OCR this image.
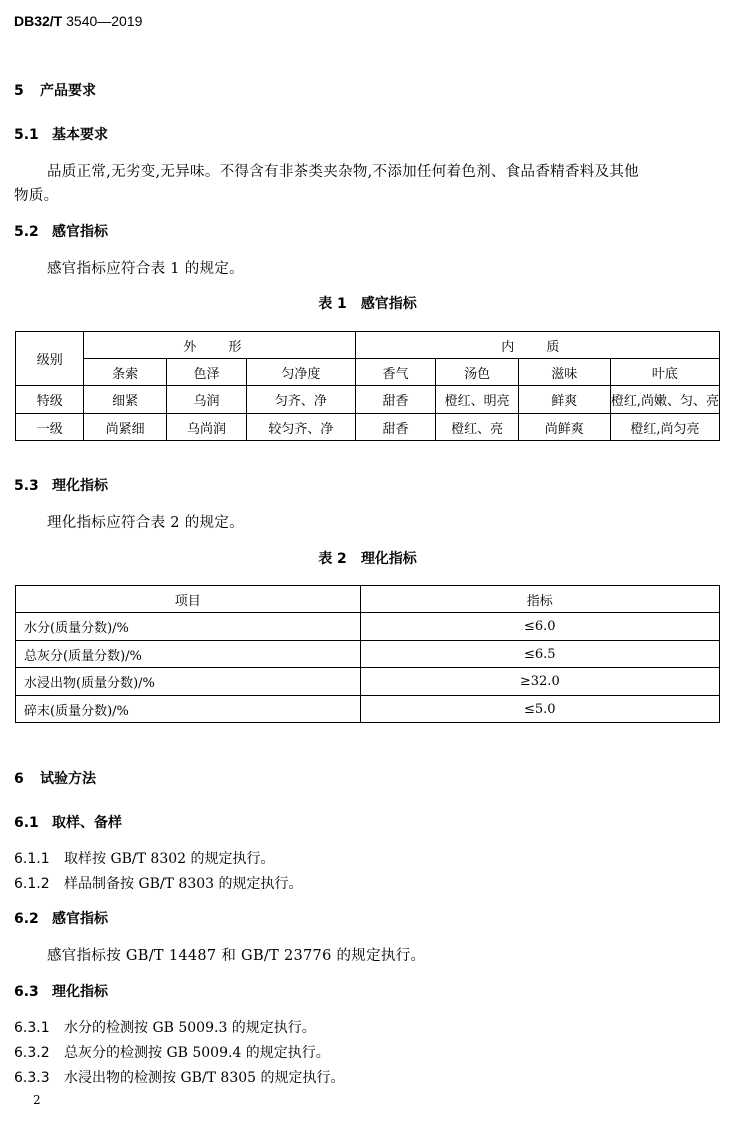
DB32/T 3540—2019
5 产品要求
5.1 基本要求
品质正常,无劣变,无异味。不得含有非茶类夹杂物,不添加任何着色剂、食品香精香料及其他
物质。
5.2 感官指标
感官指标应符合表 1 的规定。
表 1 感官指标
级别	外 形			内 质			
	条索	色泽	匀净度	香气	汤色	滋味	叶底
特级	细紧	乌润	匀齐、净	甜香	橙红、明亮	鲜爽	橙红,尚嫩、匀、亮
一级	尚紧细	乌尚润	较匀齐、净	甜香	橙红、亮	尚鲜爽	橙红,尚匀亮
5.3 理化指标
理化指标应符合表 2 的规定。
表 2 理化指标
项目	指标
水分(质量分数)/%	≤6.0
总灰分(质量分数)/%	≤6.5
水浸出物(质量分数)/%	≥32.0
碎末(质量分数)/%	≤5.0
6 试验方法
6.1 取样、备样
6.1.1 取样按 GB/T 8302 的规定执行。
6.1.2 样品制备按 GB/T 8303 的规定执行。
6.2 感官指标
感官指标按 GB/T 14487 和 GB/T 23776 的规定执行。
6.3 理化指标
6.3.1 水分的检测按 GB 5009.3 的规定执行。
6.3.2 总灰分的检测按 GB 5009.4 的规定执行。
6.3.3 水浸出物的检测按 GB/T 8305 的规定执行。
2
